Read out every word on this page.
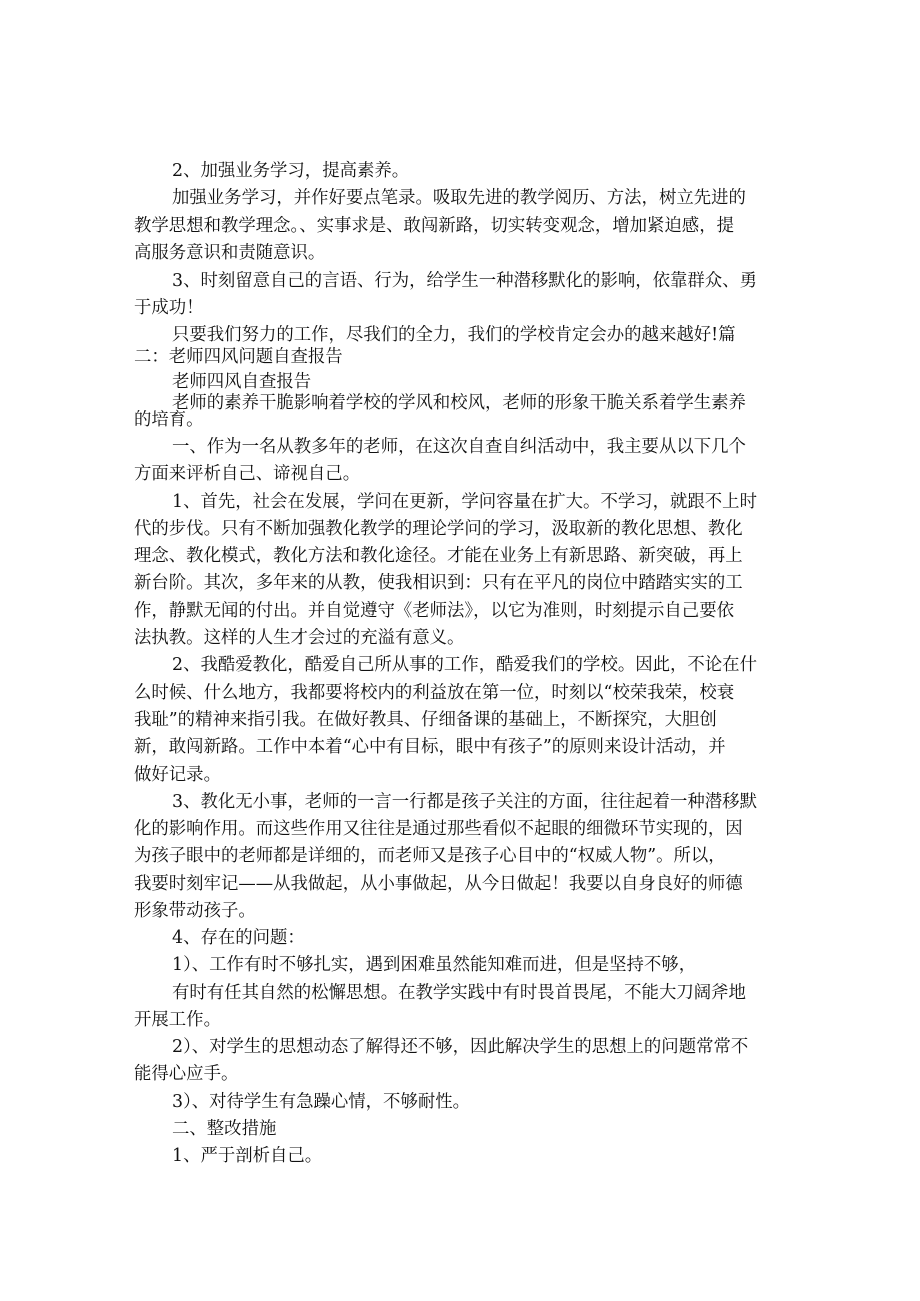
2、加强业务学习，提高素养。

加强业务学习，并作好要点笔录。吸取先进的教学阅历、方法，树立先进的

教学思想和教学理念。、实事求是、敢闯新路，切实转变观念，增加紧迫感，提

高服务意识和责随意识。

3、时刻留意自己的言语、行为，给学生一种潜移默化的影响，依靠群众、勇

于成功！

只要我们努力的工作，尽我们的全力，我们的学校肯定会办的越来越好!篇

二：老师四风问题自查报告

老师四风自查报告

老师的素养干脆影响着学校的学风和校风，老师的形象干脆关系着学生素养

的培育。

一、作为一名从教多年的老师，在这次自查自纠活动中，我主要从以下几个

方面来评析自己、谛视自己。

1、首先，社会在发展，学问在更新，学问容量在扩大。不学习，就跟不上时

代的步伐。只有不断加强教化教学的理论学问的学习，汲取新的教化思想、教化

理念、教化模式，教化方法和教化途径。才能在业务上有新思路、新突破，再上

新台阶。其次，多年来的从教，使我相识到：只有在平凡的岗位中踏踏实实的工

作，静默无闻的付出。并自觉遵守《老师法》，以它为准则，时刻提示自己要依

法执教。这样的人生才会过的充溢有意义。

2、我酷爱教化，酷爱自己所从事的工作，酷爱我们的学校。因此，不论在什

么时候、什么地方，我都要将校内的利益放在第一位，时刻以“校荣我荣，校衰

我耻”的精神来指引我。在做好教具、仔细备课的基础上，不断探究，大胆创

新，敢闯新路。工作中本着“心中有目标，眼中有孩子”的原则来设计活动，并

做好记录。

3、教化无小事，老师的一言一行都是孩子关注的方面，往往起着一种潜移默

化的影响作用。而这些作用又往往是通过那些看似不起眼的细微环节实现的，因

为孩子眼中的老师都是详细的，而老师又是孩子心目中的“权威人物”。所以，

我要时刻牢记——从我做起，从小事做起，从今日做起！我要以自身良好的师德

形象带动孩子。

4、存在的问题：

1）、工作有时不够扎实，遇到困难虽然能知难而进，但是坚持不够，

有时有任其自然的松懈思想。在教学实践中有时畏首畏尾，不能大刀阔斧地

开展工作。

2）、对学生的思想动态了解得还不够，因此解决学生的思想上的问题常常不

能得心应手。

3）、对待学生有急躁心情，不够耐性。

二、整改措施

1、严于剖析自己。
